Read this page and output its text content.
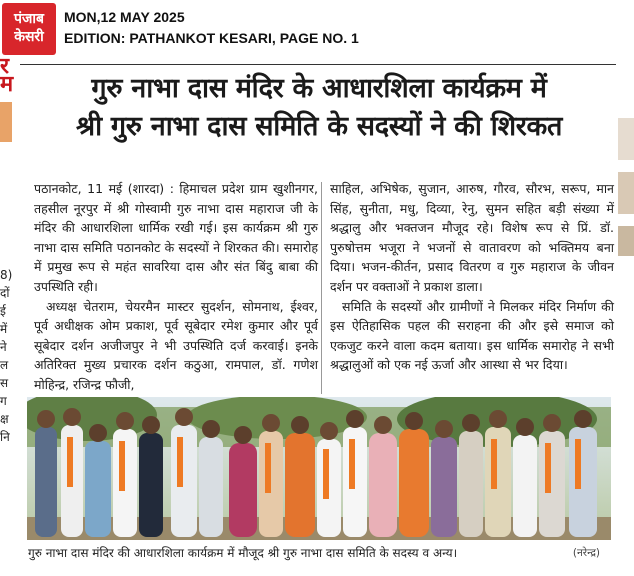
पंजाब
केसरी
MON,12 MAY 2025
EDITION: PATHANKOT KESARI, PAGE NO. 1
र
म
8)
दों
ई
में
ने
ल
स
ग
क्ष
नि
गुरु नाभा दास मंदिर के आधारशिला कार्यक्रम में
श्री गुरु नाभा दास समिति के सदस्यों ने की शिरकत

पठानकोट, 11 मई (शारदा) : हिमाचल प्रदेश ग्राम खुशीनगर, तहसील नूरपुर में श्री गोस्वामी गुरु नाभा दास महाराज जी के मंदिर की आधारशिला धार्मिक रखी गई। इस कार्यक्रम श्री गुरु नाभा दास समिति पठानकोट के सदस्यों ने शिरकत की। समारोह में प्रमुख रूप से महंत सावरिया दास और संत बिंदु बाबा की उपस्थिति रही।

अध्यक्ष चेतराम, चेयरमैन मास्टर सुदर्शन, सोमनाथ, ईश्वर, पूर्व अधीक्षक ओम प्रकाश, पूर्व सूबेदार रमेश कुमार और पूर्व सूबेदार दर्शन अजीजपुर ने भी उपस्थिति दर्ज करवाई। इनके अतिरिक्त मुख्य प्रचारक दर्शन कठुआ, रामपाल, डॉ. गणेश मोहिन्द्र, रजिन्द्र फौजी,

साहिल, अभिषेक, सुजान, आरुष, गौरव, सौरभ, सरूप, मान सिंह, सुनीता, मधु, दिव्या, रेनु, सुमन सहित बड़ी संख्या में श्रद्धालु और भक्तजन मौजूद रहे। विशेष रूप से प्रिं. डॉ. पुरुषोत्तम भजूरा ने भजनों से वातावरण को भक्तिमय बना दिया। भजन-कीर्तन, प्रसाद वितरण व गुरु महाराज के जीवन दर्शन पर वक्ताओं ने प्रकाश डाला।

समिति के सदस्यों और ग्रामीणों ने मिलकर मंदिर निर्माण की इस ऐतिहासिक पहल की सराहना की और इसे समाज को एकजुट करने वाला कदम बताया। इस धार्मिक समारोह ने सभी श्रद्धालुओं को एक नई ऊर्जा और आस्था से भर दिया।

गुरु नाभा दास मंदिर की आधारशिला कार्यक्रम में मौजूद श्री गुरु नाभा दास समिति के सदस्य व अन्य।	(नरेन्द्र)
